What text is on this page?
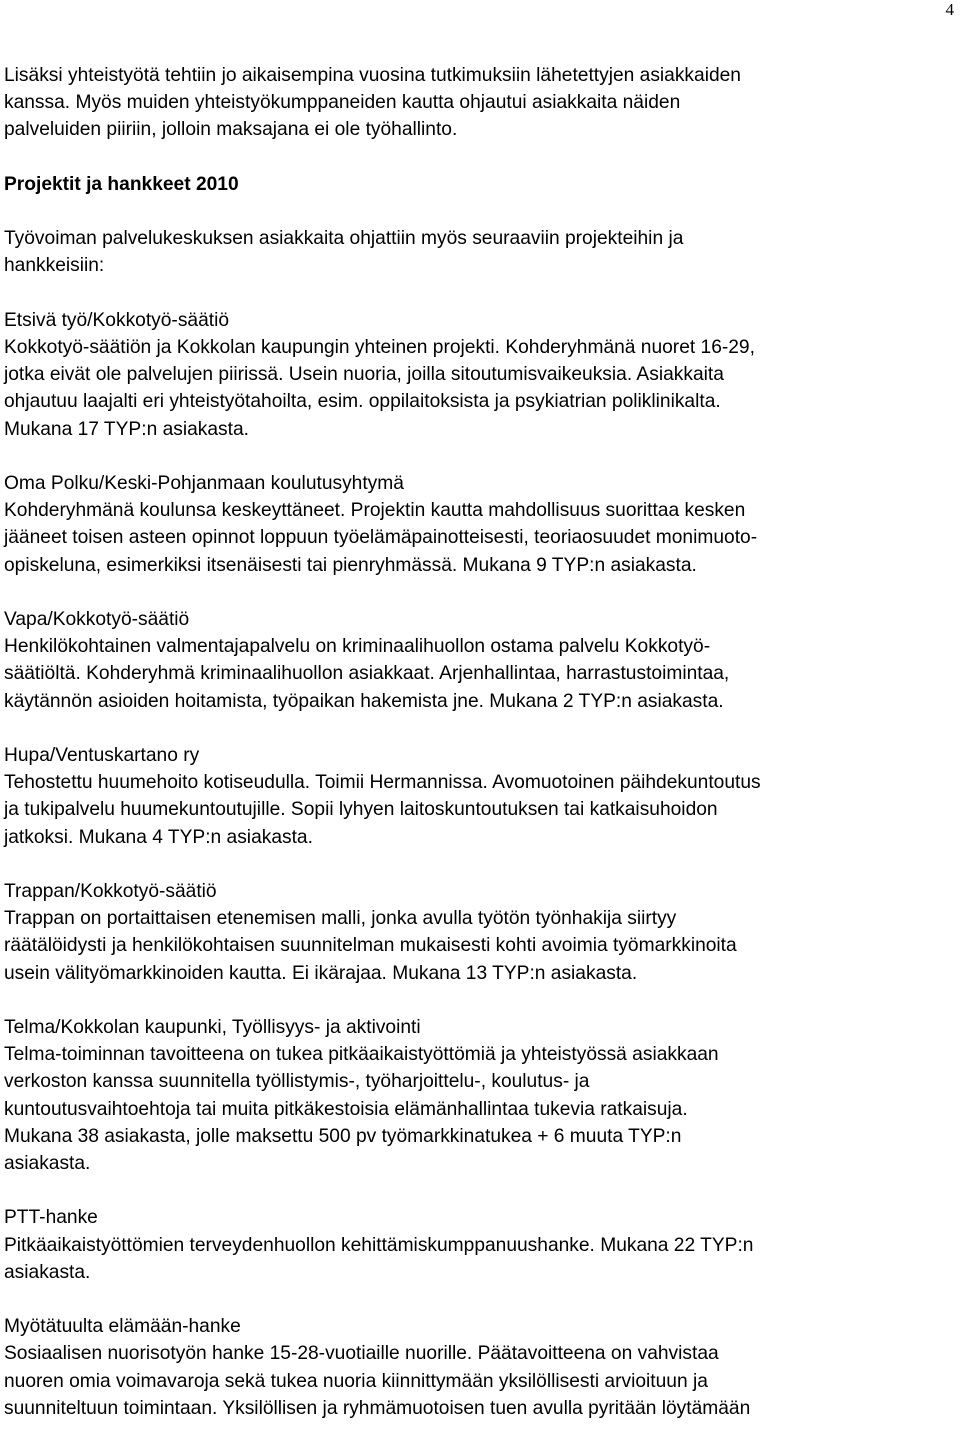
4

Lisäksi yhteistyötä tehtiin jo aikaisempina vuosina tutkimuksiin lähetettyjen asiakkaiden

kanssa. Myös muiden yhteistyökumppaneiden kautta ohjautui asiakkaita näiden

palveluiden piiriin, jolloin maksajana ei ole työhallinto.

Projektit ja hankkeet 2010

Työvoiman palvelukeskuksen asiakkaita ohjattiin myös seuraaviin projekteihin ja

hankkeisiin:

Etsivä työ/Kokkotyö-säätiö

Kokkotyö-säätiön ja Kokkolan kaupungin yhteinen projekti. Kohderyhmänä nuoret 16-29,

jotka eivät ole palvelujen piirissä. Usein nuoria, joilla sitoutumisvaikeuksia. Asiakkaita

ohjautuu laajalti eri yhteistyötahoilta, esim. oppilaitoksista ja psykiatrian poliklinikalta.

Mukana 17 TYP:n asiakasta.

Oma Polku/Keski-Pohjanmaan koulutusyhtymä

Kohderyhmänä koulunsa keskeyttäneet. Projektin kautta mahdollisuus suorittaa kesken

jääneet toisen asteen opinnot loppuun työelämäpainotteisesti, teoriaosuudet monimuoto-

opiskeluna, esimerkiksi itsenäisesti tai pienryhmässä. Mukana 9 TYP:n asiakasta.

Vapa/Kokkotyö-säätiö

Henkilökohtainen valmentajapalvelu on kriminaalihuollon ostama palvelu Kokkotyö-

säätiöltä. Kohderyhmä kriminaalihuollon asiakkaat. Arjenhallintaa, harrastustoimintaa,

käytännön asioiden hoitamista, työpaikan hakemista jne. Mukana 2 TYP:n asiakasta.

Hupa/Ventuskartano ry

Tehostettu huumehoito kotiseudulla. Toimii Hermannissa. Avomuotoinen päihdekuntoutus

ja tukipalvelu huumekuntoutujille. Sopii lyhyen laitoskuntoutuksen tai katkaisuhoidon

jatkoksi. Mukana 4 TYP:n asiakasta.

Trappan/Kokkotyö-säätiö

Trappan on portaittaisen etenemisen malli, jonka avulla työtön työnhakija siirtyy

räätälöidysti ja henkilökohtaisen suunnitelman mukaisesti kohti avoimia työmarkkinoita

usein välityömarkkinoiden kautta. Ei ikärajaa. Mukana 13 TYP:n asiakasta.

Telma/Kokkolan kaupunki, Työllisyys- ja aktivointi

Telma-toiminnan tavoitteena on tukea pitkäaikaistyöttömiä ja yhteistyössä asiakkaan

verkoston kanssa suunnitella työllistymis-, työharjoittelu-, koulutus- ja

kuntoutusvaihtoehtoja tai muita pitkäkestoisia elämänhallintaa tukevia ratkaisuja.

Mukana 38 asiakasta, jolle maksettu 500 pv työmarkkinatukea + 6 muuta TYP:n

asiakasta.

PTT-hanke

Pitkäaikaistyöttömien terveydenhuollon kehittämiskumppanuushanke. Mukana 22 TYP:n

asiakasta.

Myötätuulta elämään-hanke

Sosiaalisen nuorisotyön hanke 15-28-vuotiaille nuorille. Päätavoitteena on vahvistaa

nuoren omia voimavaroja sekä tukea nuoria kiinnittymään yksilöllisesti arvioituun ja

suunniteltuun toimintaan. Yksilöllisen ja ryhmämuotoisen tuen avulla pyritään löytämään
